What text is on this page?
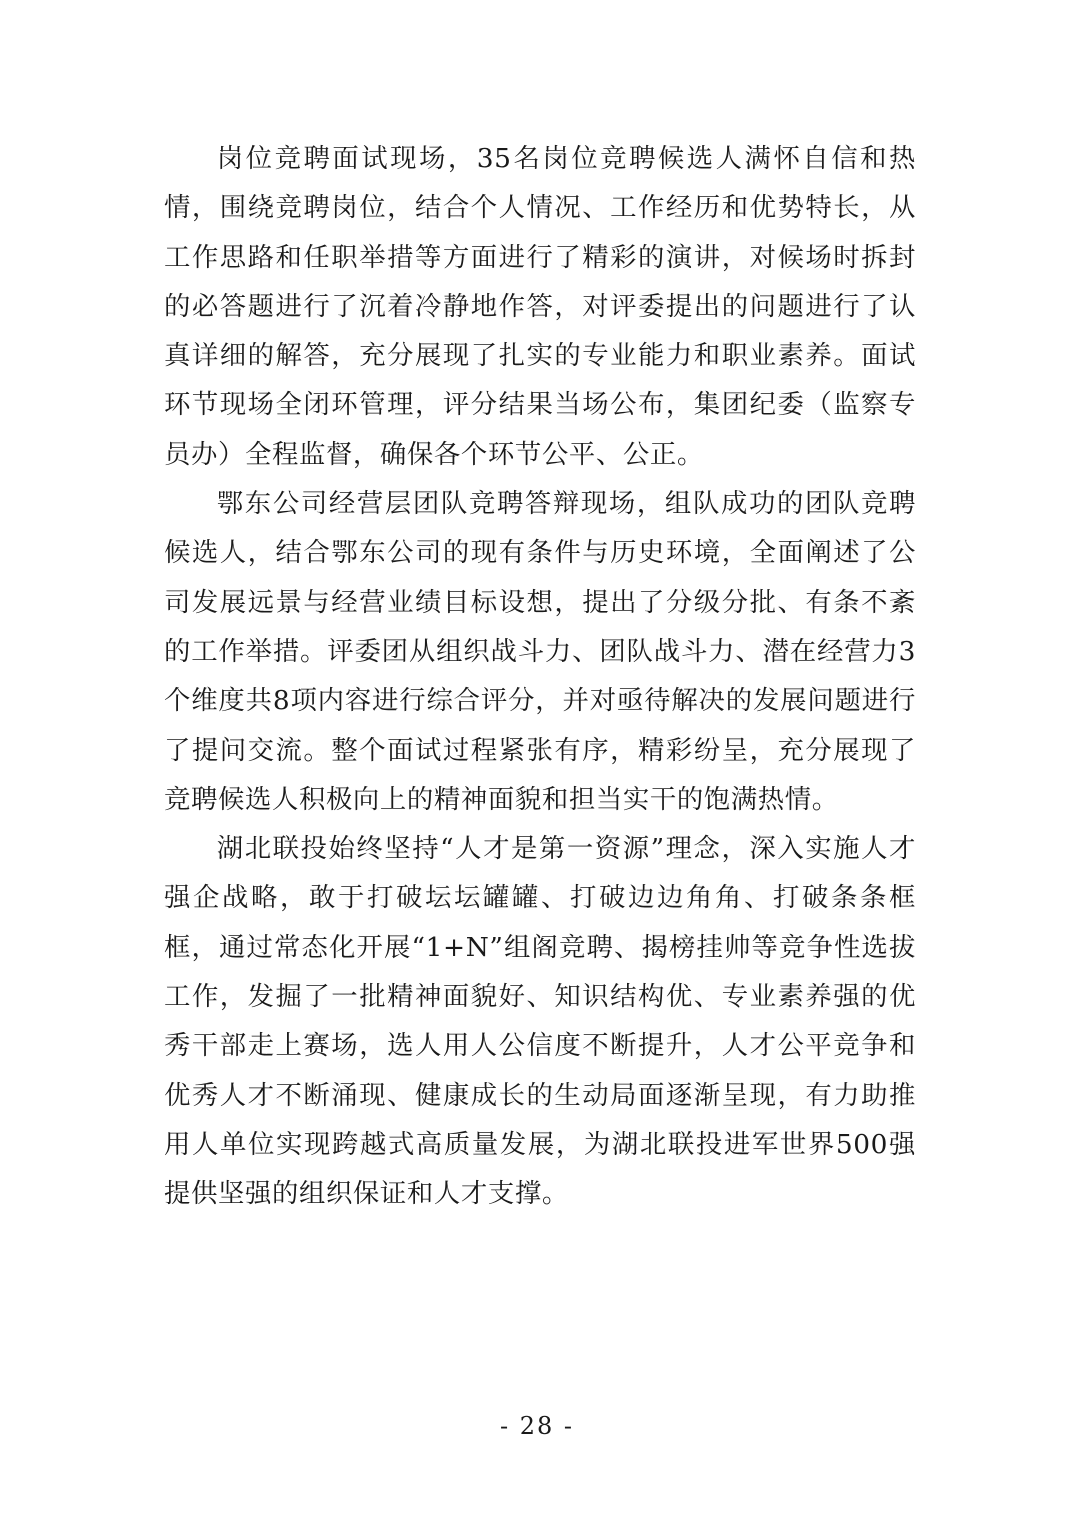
岗位竞聘面试现场，35名岗位竞聘候选人满怀自信和热情，围绕竞聘岗位，结合个人情况、工作经历和优势特长，从工作思路和任职举措等方面进行了精彩的演讲，对候场时拆封的必答题进行了沉着冷静地作答，对评委提出的问题进行了认真详细的解答，充分展现了扎实的专业能力和职业素养。面试环节现场全闭环管理，评分结果当场公布，集团纪委（监察专员办）全程监督，确保各个环节公平、公正。

鄂东公司经营层团队竞聘答辩现场，组队成功的团队竞聘候选人，结合鄂东公司的现有条件与历史环境，全面阐述了公司发展远景与经营业绩目标设想，提出了分级分批、有条不紊的工作举措。评委团从组织战斗力、团队战斗力、潜在经营力3个维度共8项内容进行综合评分，并对亟待解决的发展问题进行了提问交流。整个面试过程紧张有序，精彩纷呈，充分展现了竞聘候选人积极向上的精神面貌和担当实干的饱满热情。

湖北联投始终坚持“人才是第一资源”理念，深入实施人才强企战略，敢于打破坛坛罐罐、打破边边角角、打破条条框框，通过常态化开展“1+N”组阁竞聘、揭榜挂帅等竞争性选拔工作，发掘了一批精神面貌好、知识结构优、专业素养强的优秀干部走上赛场，选人用人公信度不断提升，人才公平竞争和优秀人才不断涌现、健康成长的生动局面逐渐呈现，有力助推用人单位实现跨越式高质量发展，为湖北联投进军世界500强提供坚强的组织保证和人才支撑。

- 28 -
